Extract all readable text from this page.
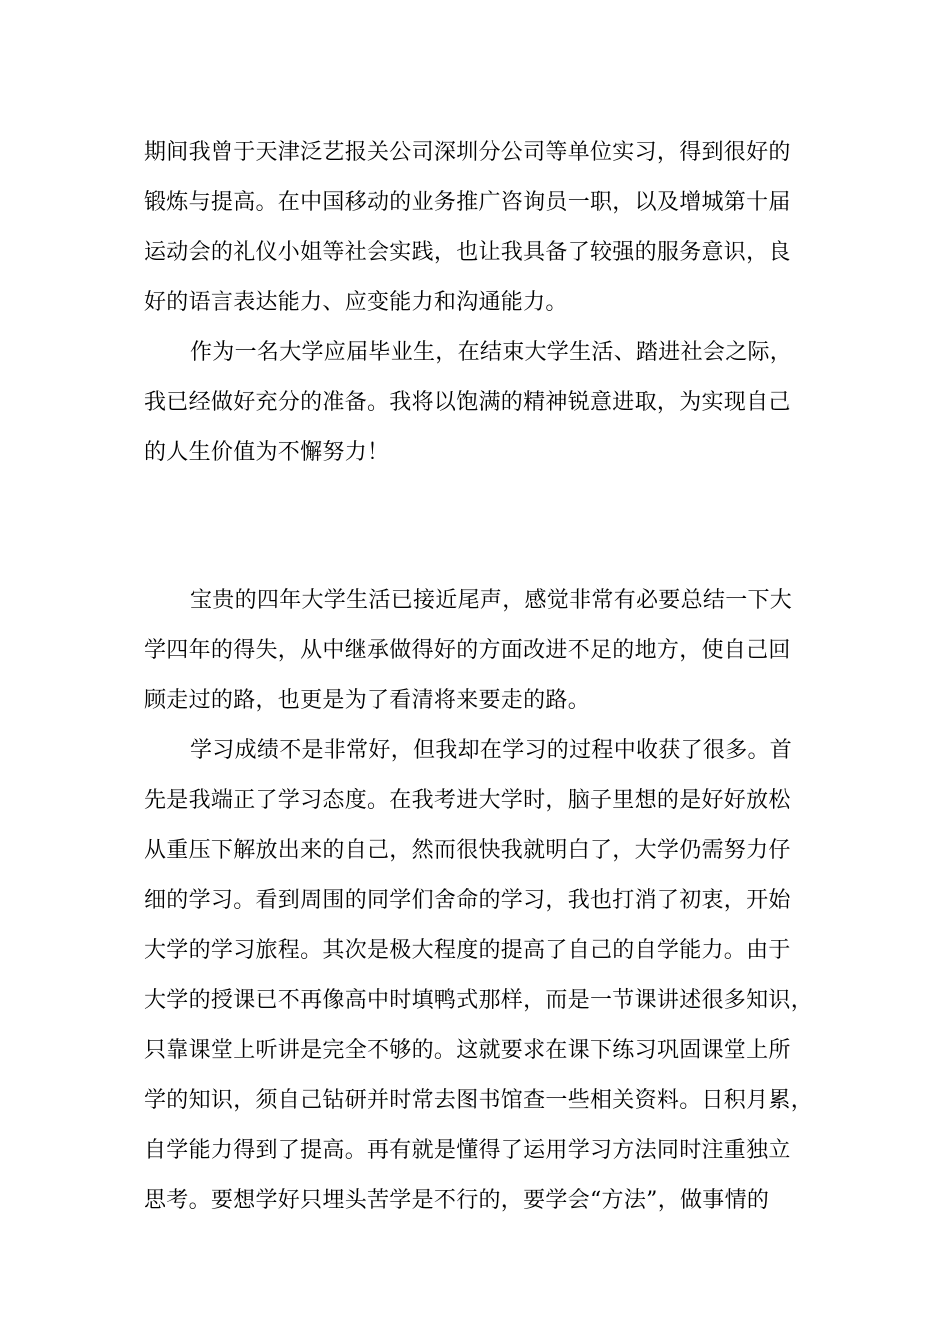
期间我曾于天津泛艺报关公司深圳分公司等单位实习，得到很好的
锻炼与提高。在中国移动的业务推广咨询员一职，以及增城第十届
运动会的礼仪小姐等社会实践，也让我具备了较强的服务意识，良
好的语言表达能力、应变能力和沟通能力。
作为一名大学应届毕业生，在结束大学生活、踏进社会之际，
我已经做好充分的准备。我将以饱满的精神锐意进取，为实现自己
的人生价值为不懈努力！
宝贵的四年大学生活已接近尾声，感觉非常有必要总结一下大
学四年的得失，从中继承做得好的方面改进不足的地方，使自己回
顾走过的路，也更是为了看清将来要走的路。
学习成绩不是非常好，但我却在学习的过程中收获了很多。首
先是我端正了学习态度。在我考进大学时，脑子里想的是好好放松
从重压下解放出来的自己，然而很快我就明白了，大学仍需努力仔
细的学习。看到周围的同学们舍命的学习，我也打消了初衷，开始
大学的学习旅程。其次是极大程度的提高了自己的自学能力。由于
大学的授课已不再像高中时填鸭式那样，而是一节课讲述很多知识，
只靠课堂上听讲是完全不够的。这就要求在课下练习巩固课堂上所
学的知识，须自己钻研并时常去图书馆查一些相关资料。日积月累，
自学能力得到了提高。再有就是懂得了运用学习方法同时注重独立
思考。要想学好只埋头苦学是不行的，要学会“方法”，做事情的
